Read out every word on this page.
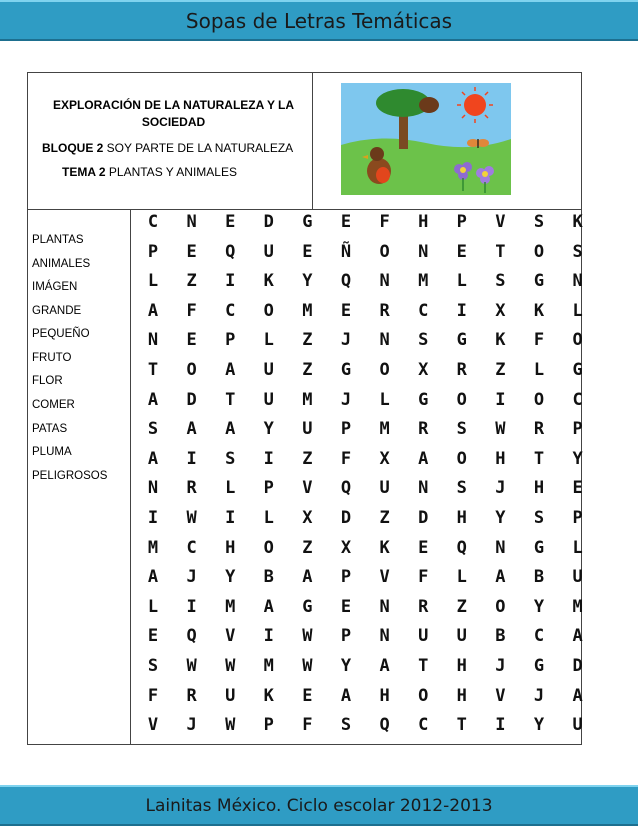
Sopas de Letras Temáticas
EXPLORACIÓN DE LA NATURALEZA Y LA SOCIEDAD
BLOQUE 2 SOY PARTE DE LA NATURALEZA
TEMA 2 PLANTAS Y ANIMALES
PLANTAS
ANIMALES
IMÁGEN
GRANDE
PEQUEÑO
FRUTO
FLOR
COMER
PATAS
PLUMA
PELIGROSOS
C	N	E	D	G	E	F	H	P	V	S	K
P	E	Q	U	E	Ñ	O	N	E	T	O	S
L	Z	I	K	Y	Q	N	M	L	S	G	N
A	F	C	O	M	E	R	C	I	X	K	L
N	E	P	L	Z	J	N	S	G	K	F	O
T	O	A	U	Z	G	O	X	R	Z	L	G
A	D	T	U	M	J	L	G	O	I	O	C
S	A	A	Y	U	P	M	R	S	W	R	P
A	I	S	I	Z	F	X	A	O	H	T	Y
N	R	L	P	V	Q	U	N	S	J	H	E
I	W	I	L	X	D	Z	D	H	Y	S	P
M	C	H	O	Z	X	K	E	Q	N	G	L
A	J	Y	B	A	P	V	F	L	A	B	U
L	I	M	A	G	E	N	R	Z	O	Y	M
E	Q	V	I	W	P	N	U	U	B	C	A
S	W	W	M	W	Y	A	T	H	J	G	D
F	R	U	K	E	A	H	O	H	V	J	A
V	J	W	P	F	S	Q	C	T	I	Y	U
Lainitas México. Ciclo escolar 2012-2013
